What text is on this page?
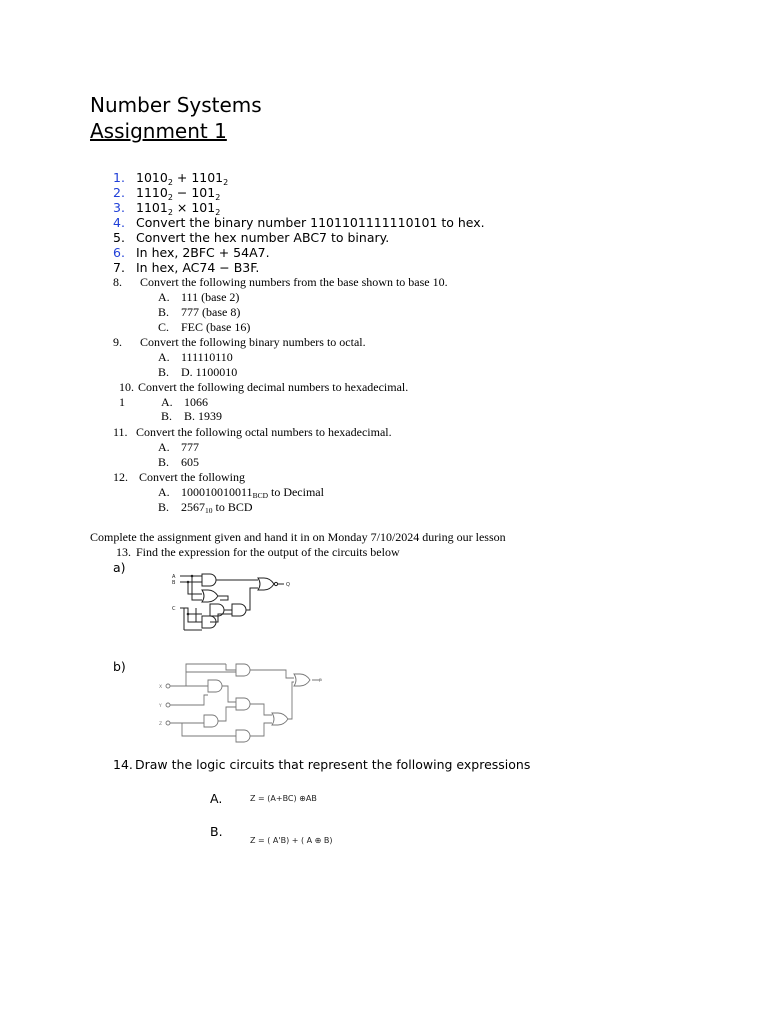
Number Systems
Assignment 1
1. $1010_2 + 1101_2$
2. $1110_2 - 101_2$
3. $1101_2 \times 101_2$
4. Convert the binary number 1101101111110101 to hex.
5. Convert the hex number ABC7 to binary.
6. In hex, 2BFC + 54A7.
7. In hex, AC74 − B3F.
8. Convert the following numbers from the base shown to base 10.
A. 111 (base 2)
B. 777 (base 8)
C. FEC (base 16)
9. Convert the following binary numbers to octal.
A. 111110110
B. D. 1100010
10. Convert the following decimal numbers to hexadecimal.
1	A. 1066
B. B. 1939
11. Convert the following octal numbers to hexadecimal.
A. 777
B. 605
12. Convert the following
A. $100010010011_{BCD}$ to Decimal
B. $2567_{10}$ to BCD
Complete the assignment given and hand it in on Monday 7/10/2024 during our lesson
13. Find the expression for the output of the circuits below
a)
A
B
C
Q
b)
X
Y
Z
F
14. Draw the logic circuits that represent the following expressions
A.	Z = (A+BC) ⊕AB
B.
Z = ( A'B) + ( A ⊕ B)
